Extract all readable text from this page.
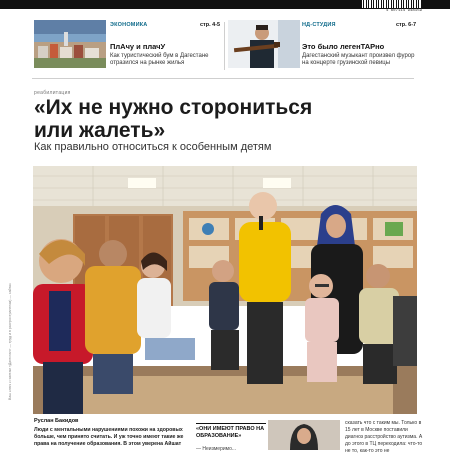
4 607114 948159
ЭКОНОМИКА	стр. 4-5
ПлАчу и плачУ
Как туристический бум в Дагестане отразился на рынке жилья
НД-СТУДИЯ	стр. 6-7
Это было легенТАРно
Дагестанский музыкант произвел фурор на концерте грузинской певицы
реабилитация
«Их не нужно сторониться
или жалеть»
Как правильно относиться к особенным детям
Ваш ключ к газетам «Дагестан» — труд и в распространении) — сайтах
Руслан Бакидов
Люди с ментальными нарушениями похожи на здоровых больше, чем принято считать. И уж точно имеют такие же права на получение образования. В этом уверена Айшат
«ОНИ ИМЕЮТ ПРАВО НА ОБРАЗОВАНИЕ»
— Неизмеримо...
сказать что с таким мы. Только в 15 лет в Москве поставили диагноз расстройство аутизма. А до этого в ТЦ переходила: что-то не то, как-то это не
